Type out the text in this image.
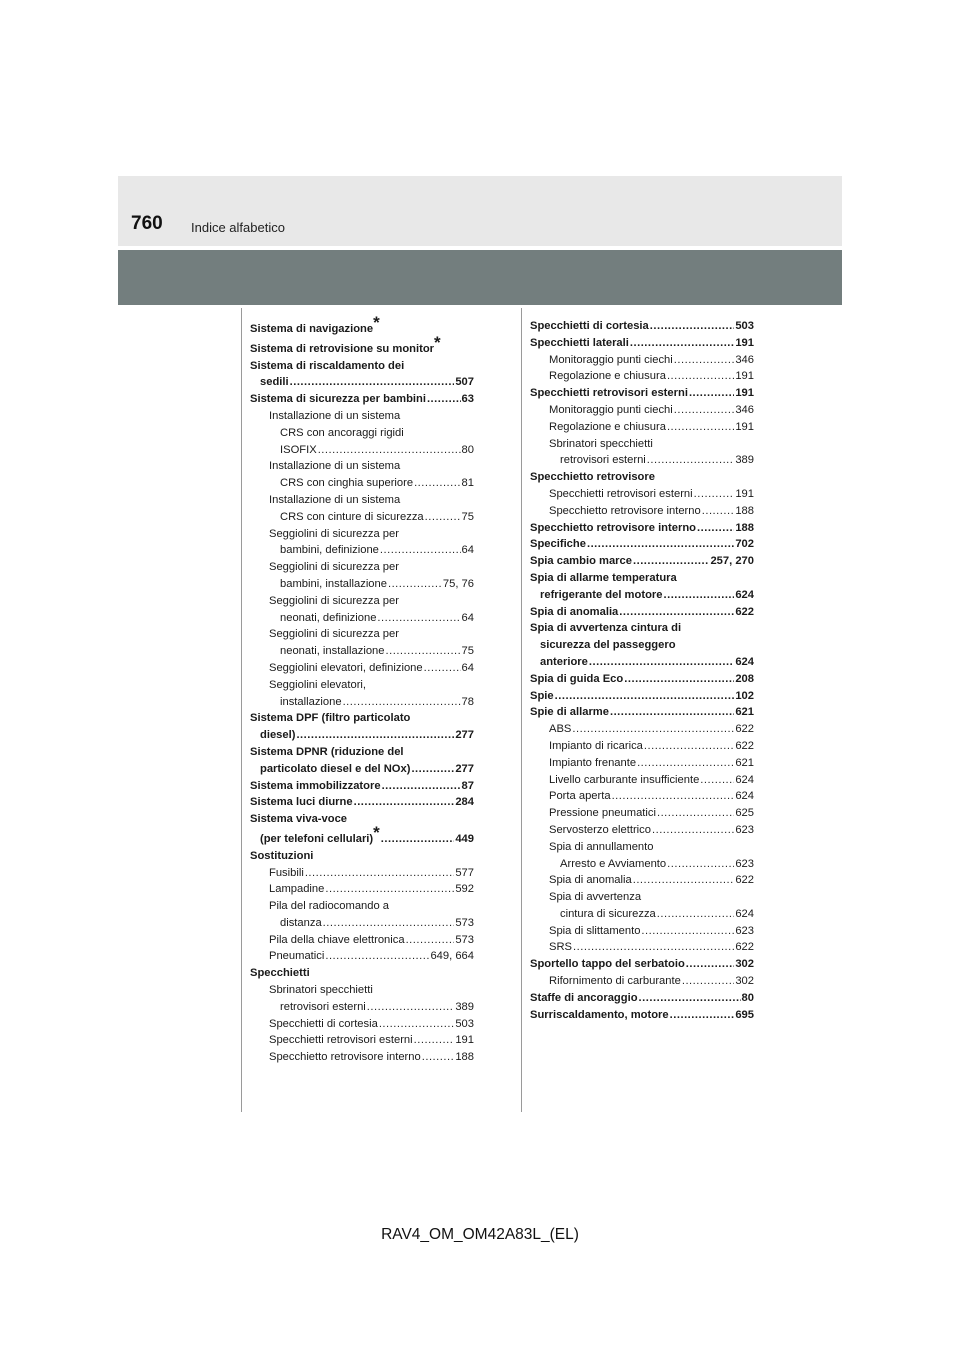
760 Indice alfabetico
Sistema di navigazione*
Sistema di retrovisione su monitor*
Sistema di riscaldamento dei
sedili .....	507
Sistema di sicurezza per bambini .....	63
Installazione di un sistema
CRS con ancoraggi rigidi
ISOFIX .....	80
Installazione di un sistema
CRS con cinghia superiore .....	81
Installazione di un sistema
CRS con cinture di sicurezza .....	75
Seggiolini di sicurezza per
bambini, definizione .....	64
Seggiolini di sicurezza per
bambini, installazione .....	75, 76
Seggiolini di sicurezza per
neonati, definizione .....	64
Seggiolini di sicurezza per
neonati, installazione .....	75
Seggiolini elevatori, definizione .....	64
Seggiolini elevatori,
installazione .....	78
Sistema DPF (filtro particolato
diesel) .....	277
Sistema DPNR (riduzione del
particolato diesel e del NOx) .....	277
Sistema immobilizzatore .....	87
Sistema luci diurne .....	284
Sistema viva-voce
(per telefoni cellulari)* .....	449
Sostituzioni
Fusibili .....	577
Lampadine .....	592
Pila del radiocomando a
distanza .....	573
Pila della chiave elettronica .....	573
Pneumatici .....	649, 664
Specchietti
Sbrinatori specchietti
retrovisori esterni .....	389
Specchietti di cortesia .....	503
Specchietti retrovisori esterni .....	191
Specchietto retrovisore interno .....	188
Specchietti di cortesia .....	503
Specchietti laterali .....	191
Monitoraggio punti ciechi .....	346
Regolazione e chiusura .....	191
Specchietti retrovisori esterni .....	191
Monitoraggio punti ciechi .....	346
Regolazione e chiusura .....	191
Sbrinatori specchietti
retrovisori esterni .....	389
Specchietto retrovisore
Specchietti retrovisori esterni .....	191
Specchietto retrovisore interno .....	188
Specchietto retrovisore interno .....	188
Specifiche .....	702
Spia cambio marce .....	257, 270
Spia di allarme temperatura
refrigerante del motore .....	624
Spia di anomalia .....	622
Spia di avvertenza cintura di
sicurezza del passeggero
anteriore .....	624
Spia di guida Eco .....	208
Spie .....	102
Spie di allarme .....	621
ABS .....	622
Impianto di ricarica .....	622
Impianto frenante .....	621
Livello carburante insufficiente .....	624
Porta aperta .....	624
Pressione pneumatici .....	625
Servosterzo elettrico .....	623
Spia di annullamento
Arresto e Avviamento .....	623
Spia di anomalia .....	622
Spia di avvertenza
cintura di sicurezza .....	624
Spia di slittamento .....	623
SRS .....	622
Sportello tappo del serbatoio .....	302
Rifornimento di carburante .....	302
Staffe di ancoraggio .....	80
Surriscaldamento, motore .....	695
RAV4_OM_OM42A83L_(EL)
